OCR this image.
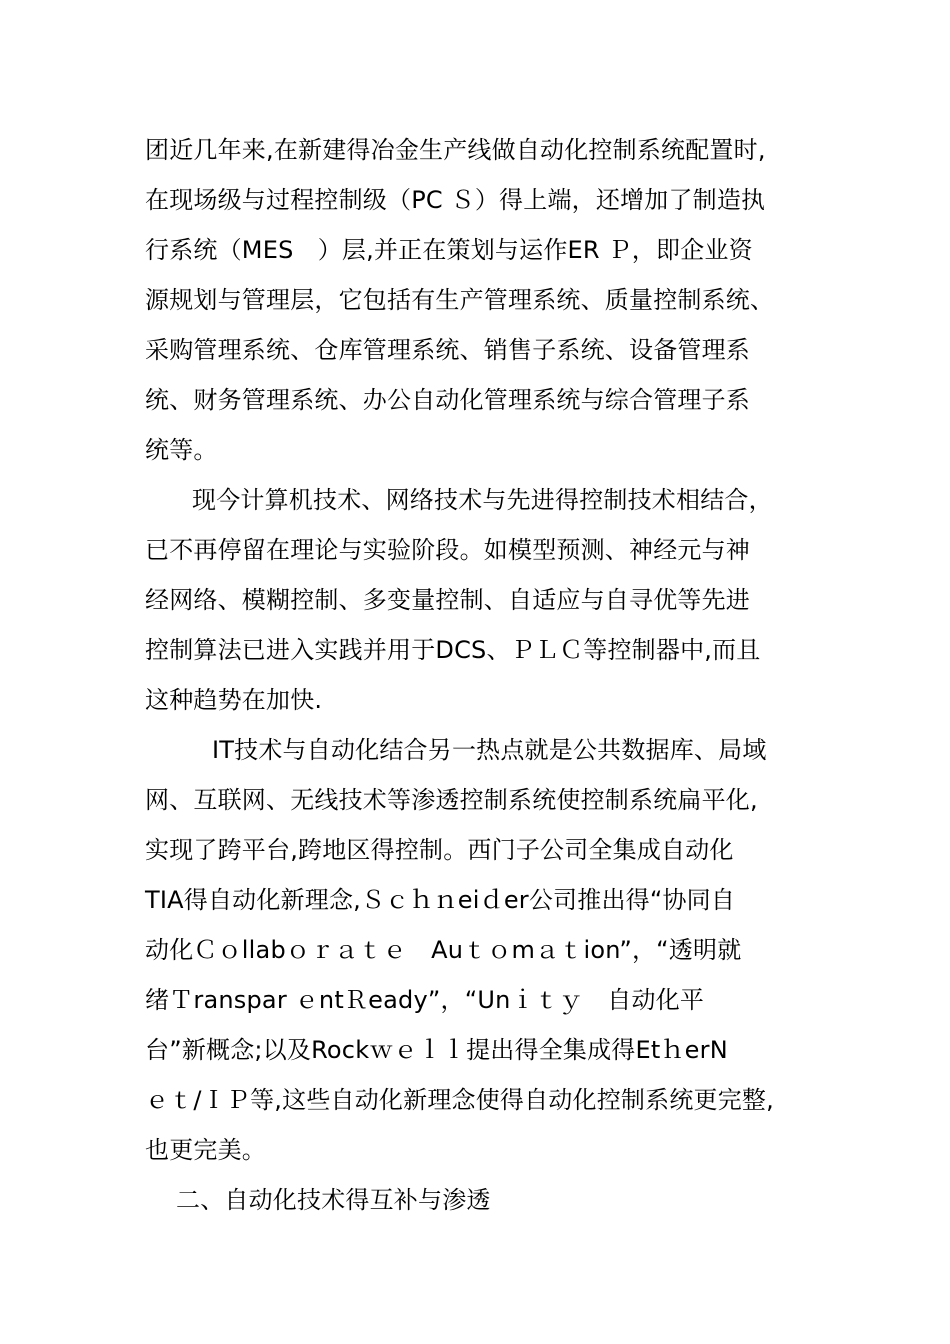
团近几年来,在新建得冶金生产线做自动化控制系统配置时,
在现场级与过程控制级（PC Ｓ）得上端，还增加了制造执
行系统（MES　）层,并正在策划与运作ER Ｐ，即企业资
源规划与管理层，它包括有生产管理系统、质量控制系统、
采购管理系统、仓库管理系统、销售子系统、设备管理系
统、财务管理系统、办公自动化管理系统与综合管理子系
统等。
现今计算机技术、网络技术与先进得控制技术相结合，
已不再停留在理论与实验阶段。如模型预测、神经元与神
经网络、模糊控制、多变量控制、自适应与自寻优等先进
控制算法已进入实践并用于DCS、ＰＬＣ等控制器中,而且
这种趋势在加快.
IT技术与自动化结合另一热点就是公共数据库、局域
网、互联网、无线技术等渗透控制系统使控制系统扁平化,
实现了跨平台,跨地区得控制。西门子公司全集成自动化
TIA得自动化新理念,Ｓｃｈｎeiｄer公司推出得“协同自
动化Ｃｏllabｏｒａｔｅ　Auｔｏmａｔion”，“透明就
绪Ｔranspar ｅntＲeady”，“Unｉｔｙ　自动化平
台”新概念;以及Rockｗｅｌｌ提出得全集成得EtｈerN
ｅｔ/ＩＰ等,这些自动化新理念使得自动化控制系统更完整,
也更完美。
二、自动化技术得互补与渗透
